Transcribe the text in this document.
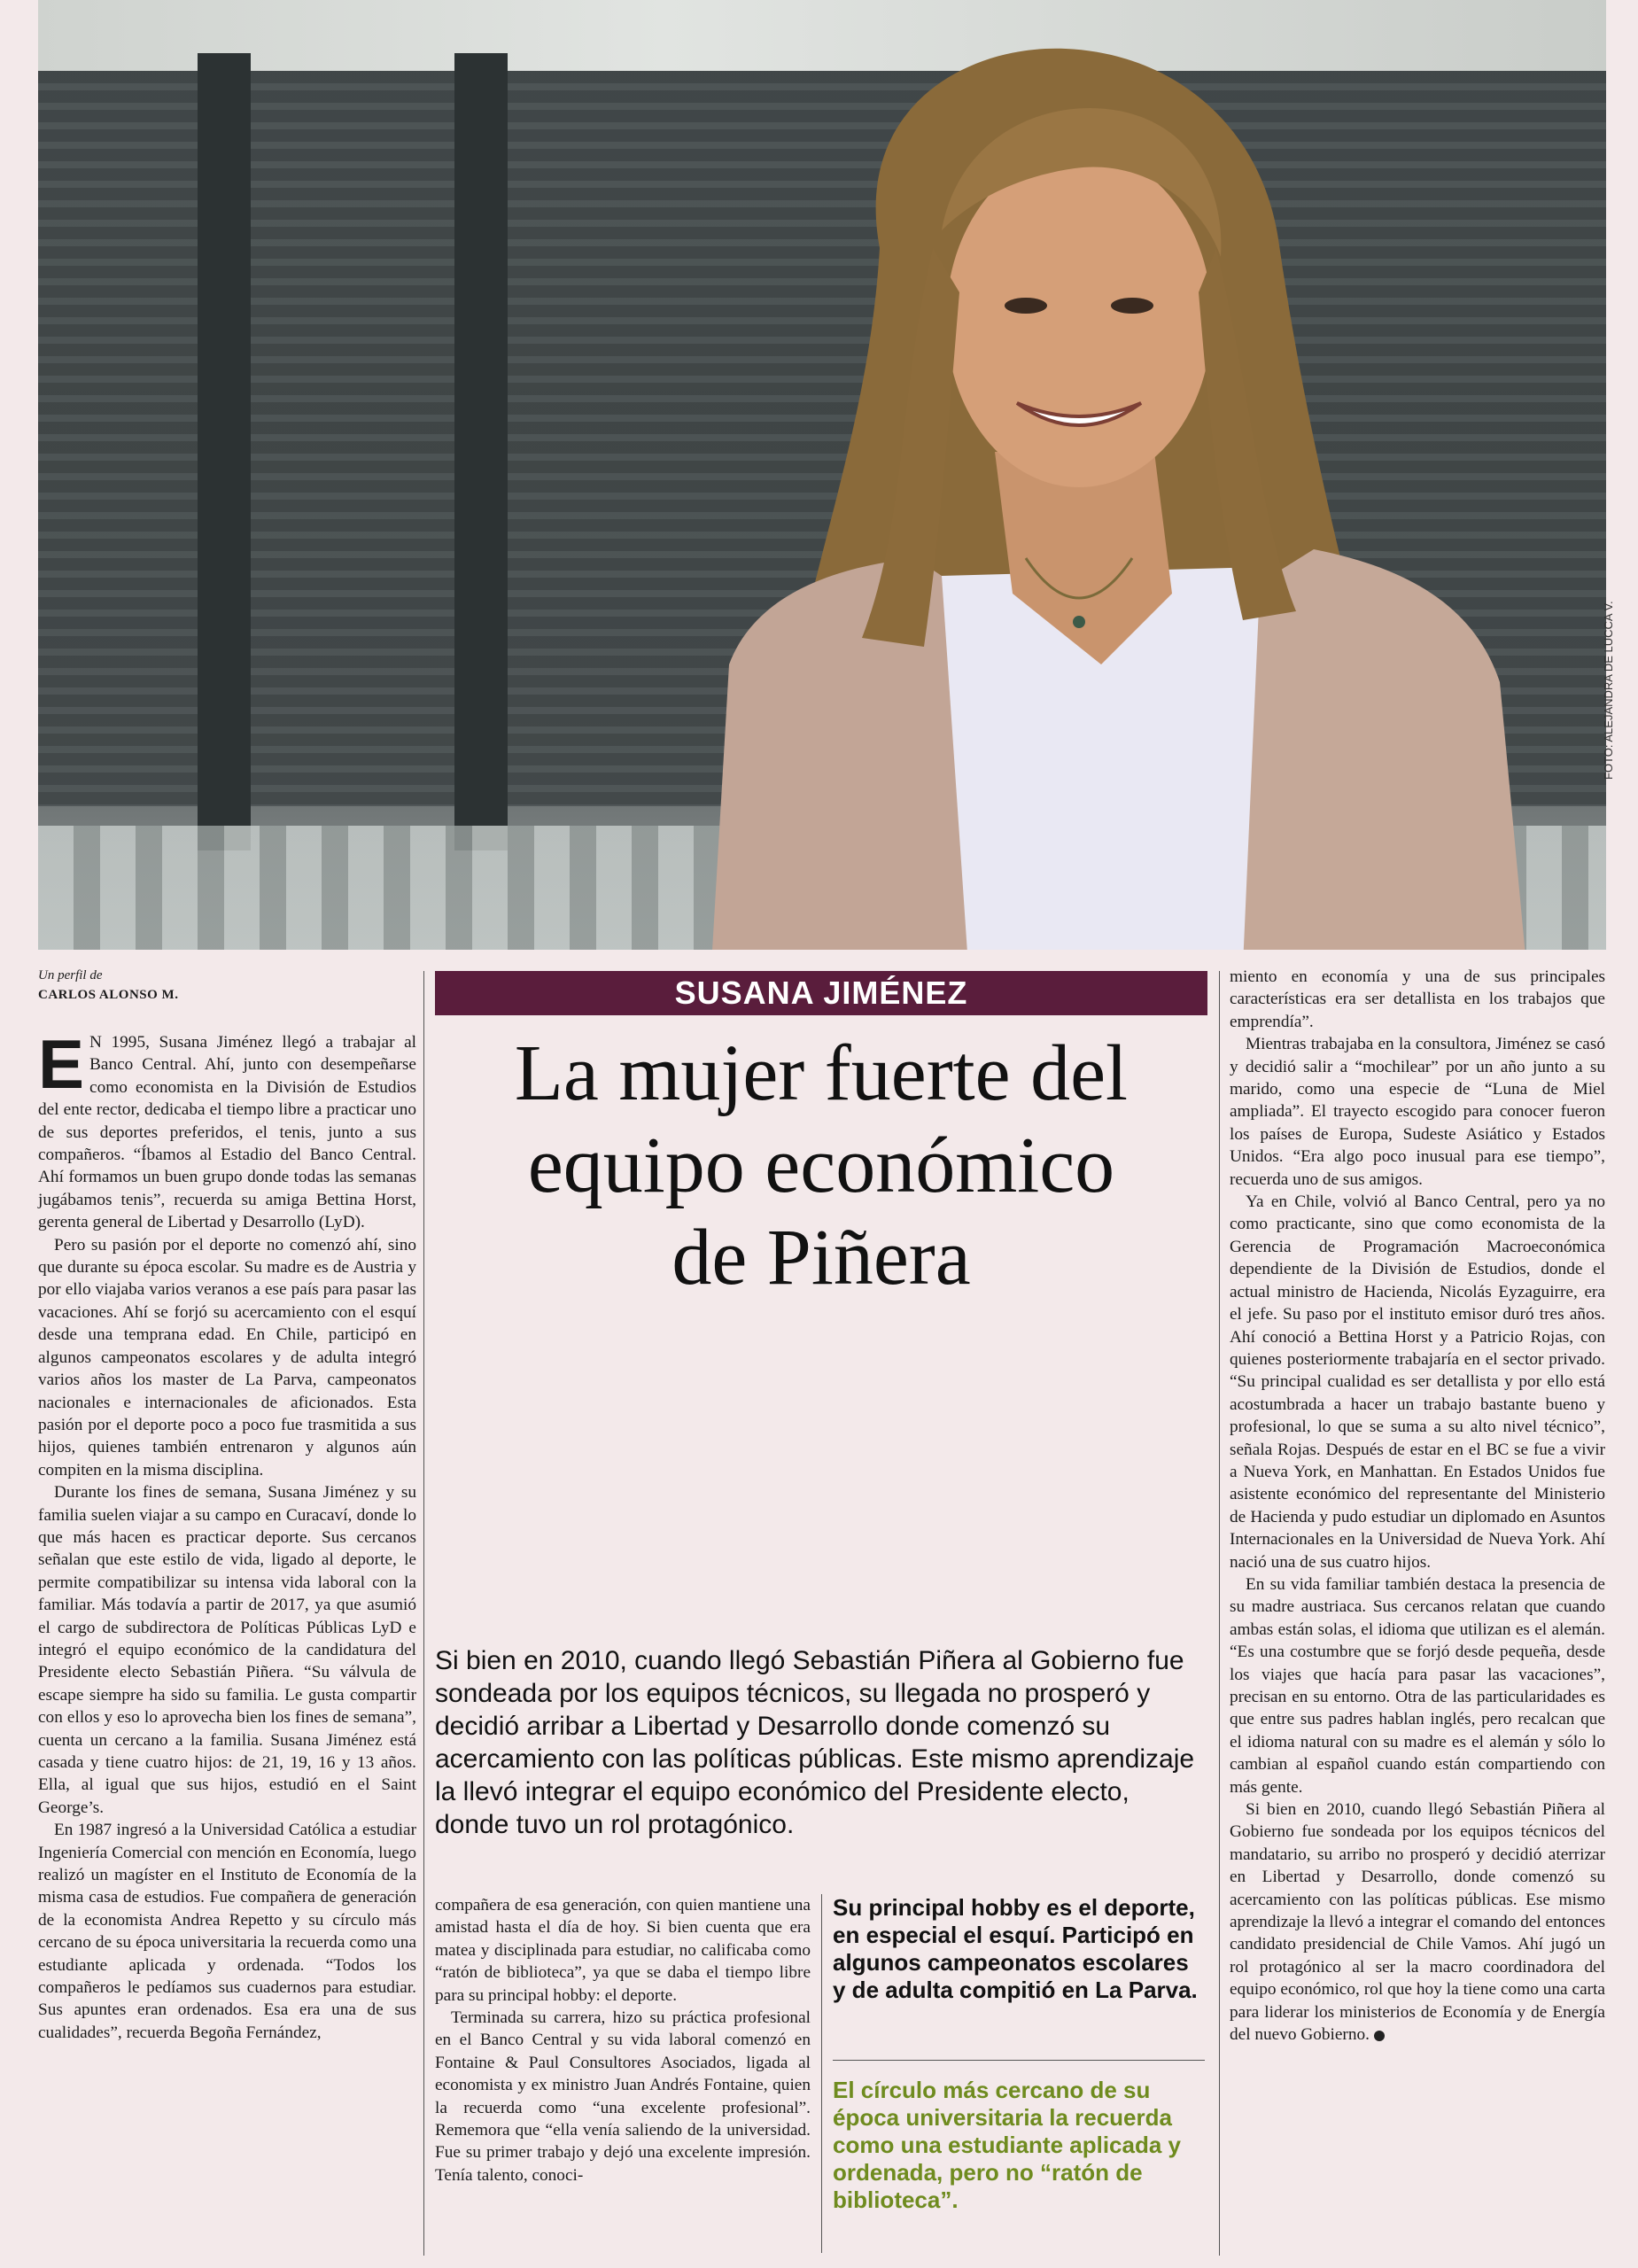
FOTO: ALEJANDRA DE LUCCA V.
Un perfil de
CARLOS ALONSO M.

E N 1995, Susana Jiménez llegó a trabajar al Banco Central. Ahí, junto con desempeñarse como economista en la División de Estudios del ente rector, dedicaba el tiempo libre a practicar uno de sus deportes preferidos, el tenis, junto a sus compañeros. “Íbamos al Estadio del Banco Central. Ahí formamos un buen grupo donde todas las semanas jugábamos tenis”, recuerda su amiga Bettina Horst, gerenta general de Libertad y Desarrollo (LyD).

Pero su pasión por el deporte no comenzó ahí, sino que durante su época escolar. Su madre es de Austria y por ello viajaba varios veranos a ese país para pasar las vacaciones. Ahí se forjó su acercamiento con el esquí desde una temprana edad. En Chile, participó en algunos campeonatos escolares y de adulta integró varios años los master de La Parva, campeonatos nacionales e internacionales de aficionados. Esta pasión por el deporte poco a poco fue trasmitida a sus hijos, quienes también entrenaron y algunos aún compiten en la misma disciplina.

Durante los fines de semana, Susana Jiménez y su familia suelen viajar a su campo en Curacaví, donde lo que más hacen es practicar deporte. Sus cercanos señalan que este estilo de vida, ligado al deporte, le permite compatibilizar su intensa vida laboral con la familiar. Más todavía a partir de 2017, ya que asumió el cargo de subdirectora de Políticas Públicas LyD e integró el equipo económico de la candidatura del Presidente electo Sebastián Piñera. “Su válvula de escape siempre ha sido su familia. Le gusta compartir con ellos y eso lo aprovecha bien los fines de semana”, cuenta un cercano a la familia. Susana Jiménez está casada y tiene cuatro hijos: de 21, 19, 16 y 13 años. Ella, al igual que sus hijos, estudió en el Saint George’s.

En 1987 ingresó a la Universidad Católica a estudiar Ingeniería Comercial con mención en Economía, luego realizó un magíster en el Instituto de Economía de la misma casa de estudios. Fue compañera de generación de la economista Andrea Repetto y su círculo más cercano de su época universitaria la recuerda como una estudiante aplicada y ordenada. “Todos los compañeros le pedíamos sus cuadernos para estudiar. Sus apuntes eran ordenados. Esa era una de sus cualidades”, recuerda Begoña Fernández,

SUSANA JIMÉNEZ
La mujer fuerte del
equipo económico
de Piñera
Si bien en 2010, cuando llegó Sebastián Piñera al Gobierno fue sondeada por los equipos técnicos, su llegada no prosperó y decidió arribar a Libertad y Desarrollo donde comenzó su acercamiento con las políticas públicas. Este mismo aprendizaje la llevó integrar el equipo económico del Presidente electo, donde tuvo un rol protagónico.

compañera de esa generación, con quien mantiene una amistad hasta el día de hoy. Si bien cuenta que era matea y disciplinada para estudiar, no calificaba como “ratón de biblioteca”, ya que se daba el tiempo libre para su principal hobby: el deporte.

Terminada su carrera, hizo su práctica profesional en el Banco Central y su vida laboral comenzó en Fontaine & Paul Consultores Asociados, ligada al economista y ex ministro Juan Andrés Fontaine, quien la recuerda como “una excelente profesional”. Rememora que “ella venía saliendo de la universidad. Fue su primer trabajo y dejó una excelente impresión. Tenía talento, conoci-

Su principal hobby es el deporte, en especial el esquí. Participó en algunos campeonatos escolares y de adulta compitió en La Parva.
El círculo más cercano de su época universitaria la recuerda como una estudiante aplicada y ordenada, pero no “ratón de biblioteca”.

miento en economía y una de sus principales características era ser detallista en los trabajos que emprendía”.

Mientras trabajaba en la consultora, Jiménez se casó y decidió salir a “mochilear” por un año junto a su marido, como una especie de “Luna de Miel ampliada”. El trayecto escogido para conocer fueron los países de Europa, Sudeste Asiático y Estados Unidos. “Era algo poco inusual para ese tiempo”, recuerda uno de sus amigos.

Ya en Chile, volvió al Banco Central, pero ya no como practicante, sino que como economista de la Gerencia de Programación Macroeconómica dependiente de la División de Estudios, donde el actual ministro de Hacienda, Nicolás Eyzaguirre, era el jefe. Su paso por el instituto emisor duró tres años. Ahí conoció a Bettina Horst y a Patricio Rojas, con quienes posteriormente trabajaría en el sector privado. “Su principal cualidad es ser detallista y por ello está acostumbrada a hacer un trabajo bastante bueno y profesional, lo que se suma a su alto nivel técnico”, señala Rojas. Después de estar en el BC se fue a vivir a Nueva York, en Manhattan. En Estados Unidos fue asistente económico del representante del Ministerio de Hacienda y pudo estudiar un diplomado en Asuntos Internacionales en la Universidad de Nueva York. Ahí nació una de sus cuatro hijos.

En su vida familiar también destaca la presencia de su madre austriaca. Sus cercanos relatan que cuando ambas están solas, el idioma que utilizan es el alemán. “Es una costumbre que se forjó desde pequeña, desde los viajes que hacía para pasar las vacaciones”, precisan en su entorno. Otra de las particularidades es que entre sus padres hablan inglés, pero recalcan que el idioma natural con su madre es el alemán y sólo lo cambian al español cuando están compartiendo con más gente.

Si bien en 2010, cuando llegó Sebastián Piñera al Gobierno fue sondeada por los equipos técnicos del mandatario, su arribo no prosperó y decidió aterrizar en Libertad y Desarrollo, donde comenzó su acercamiento con las políticas públicas. Ese mismo aprendizaje la llevó a integrar el comando del entonces candidato presidencial de Chile Vamos. Ahí jugó un rol protagónico al ser la macro coordinadora del equipo económico, rol que hoy la tiene como una carta para liderar los ministerios de Economía y de Energía del nuevo Gobierno.
